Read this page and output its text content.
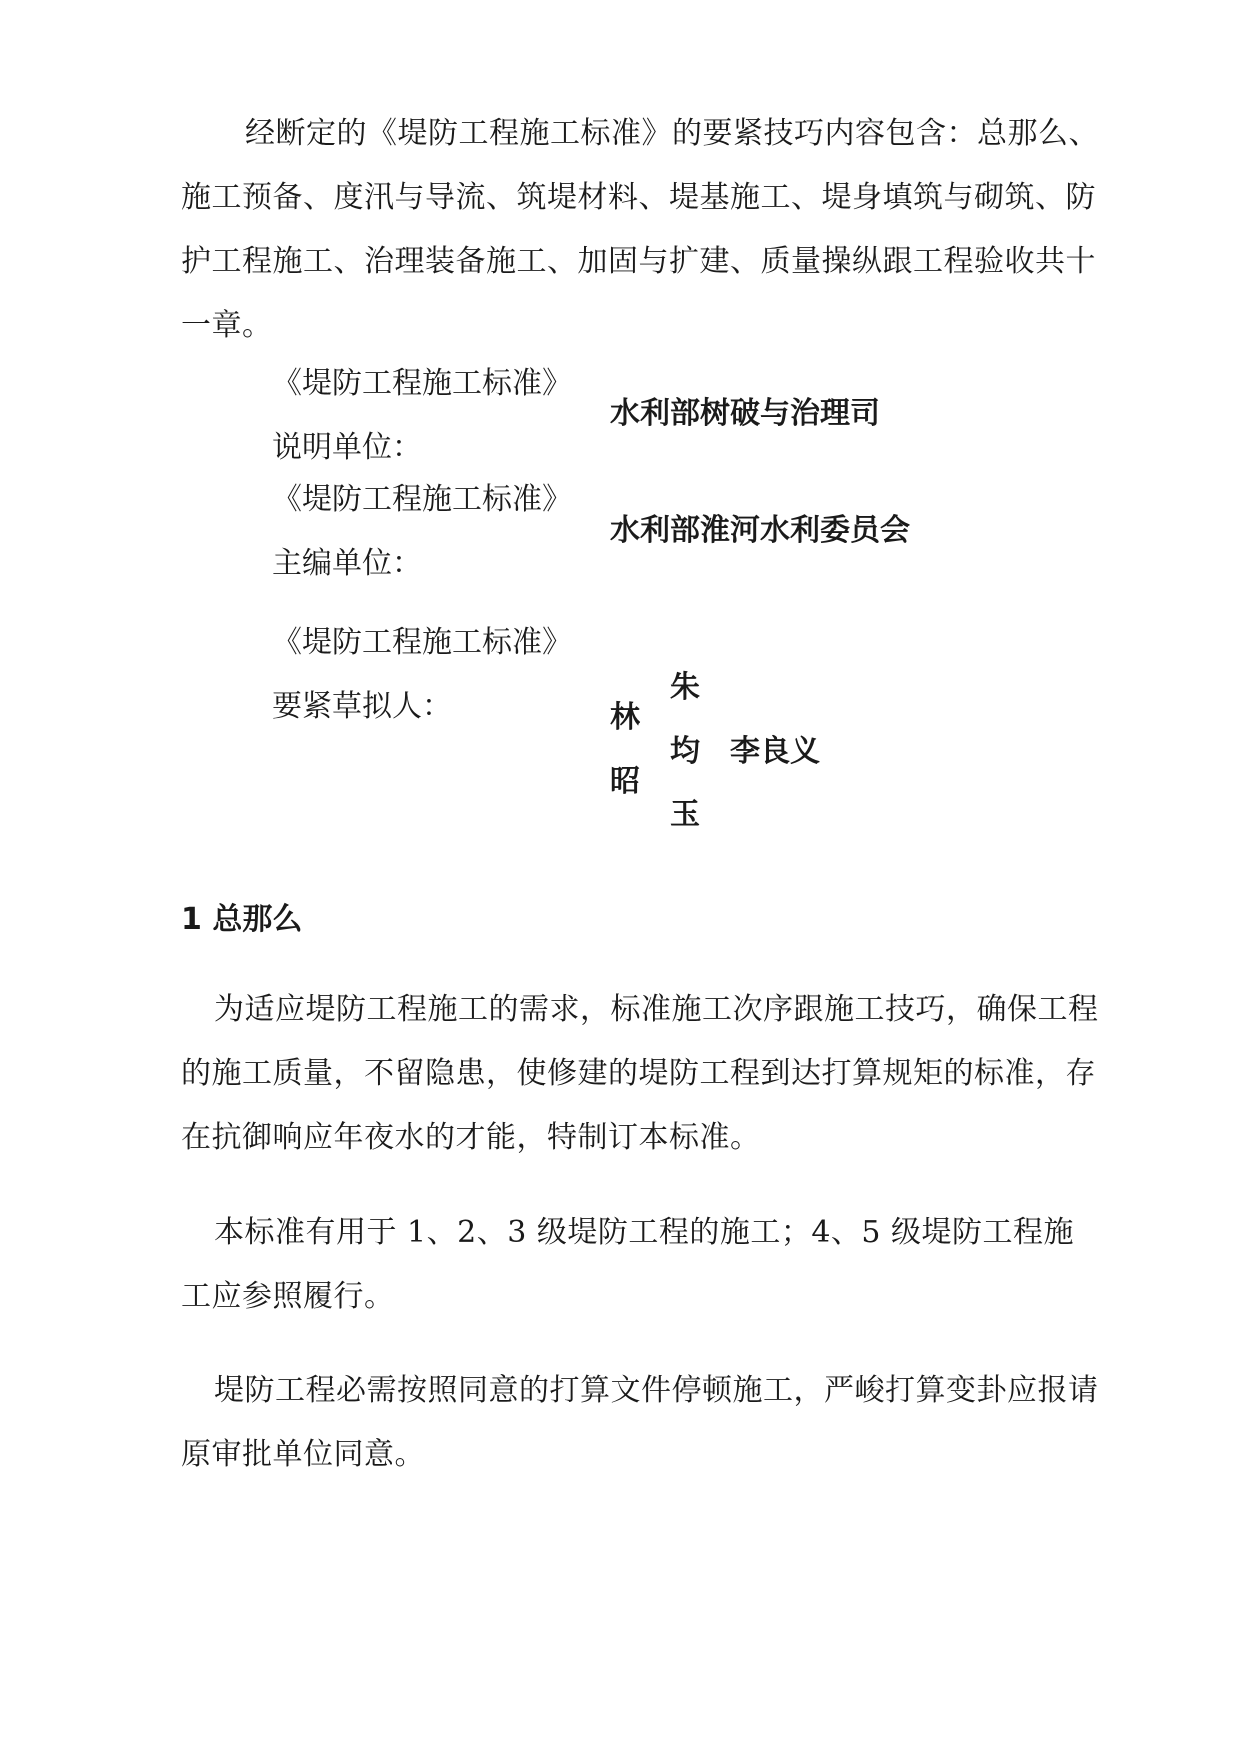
经断定的《堤防工程施工标准》的要紧技巧内容包含：总那么、施工预备、度汛与导流、筑堤材料、堤基施工、堤身填筑与砌筑、防护工程施工、治理装备施工、加固与扩建、质量操纵跟工程验收共十一章。

《堤防工程施工标准》
说明单位：

水利部树破与治理司

《堤防工程施工标准》
主编单位：

水利部淮河水利委员会

《堤防工程施工标准》
要紧草拟人：	林
昭
朱
均
玉
李良义
1 总那么

为适应堤防工程施工的需求，标准施工次序跟施工技巧，确保工程的施工质量，不留隐患，使修建的堤防工程到达打算规矩的标准，存在抗御响应年夜水的才能，特制订本标准。

本标准有用于 1、2、3 级堤防工程的施工；4、5 级堤防工程施工应参照履行。

堤防工程必需按照同意的打算文件停顿施工，严峻打算变卦应报请原审批单位同意。
